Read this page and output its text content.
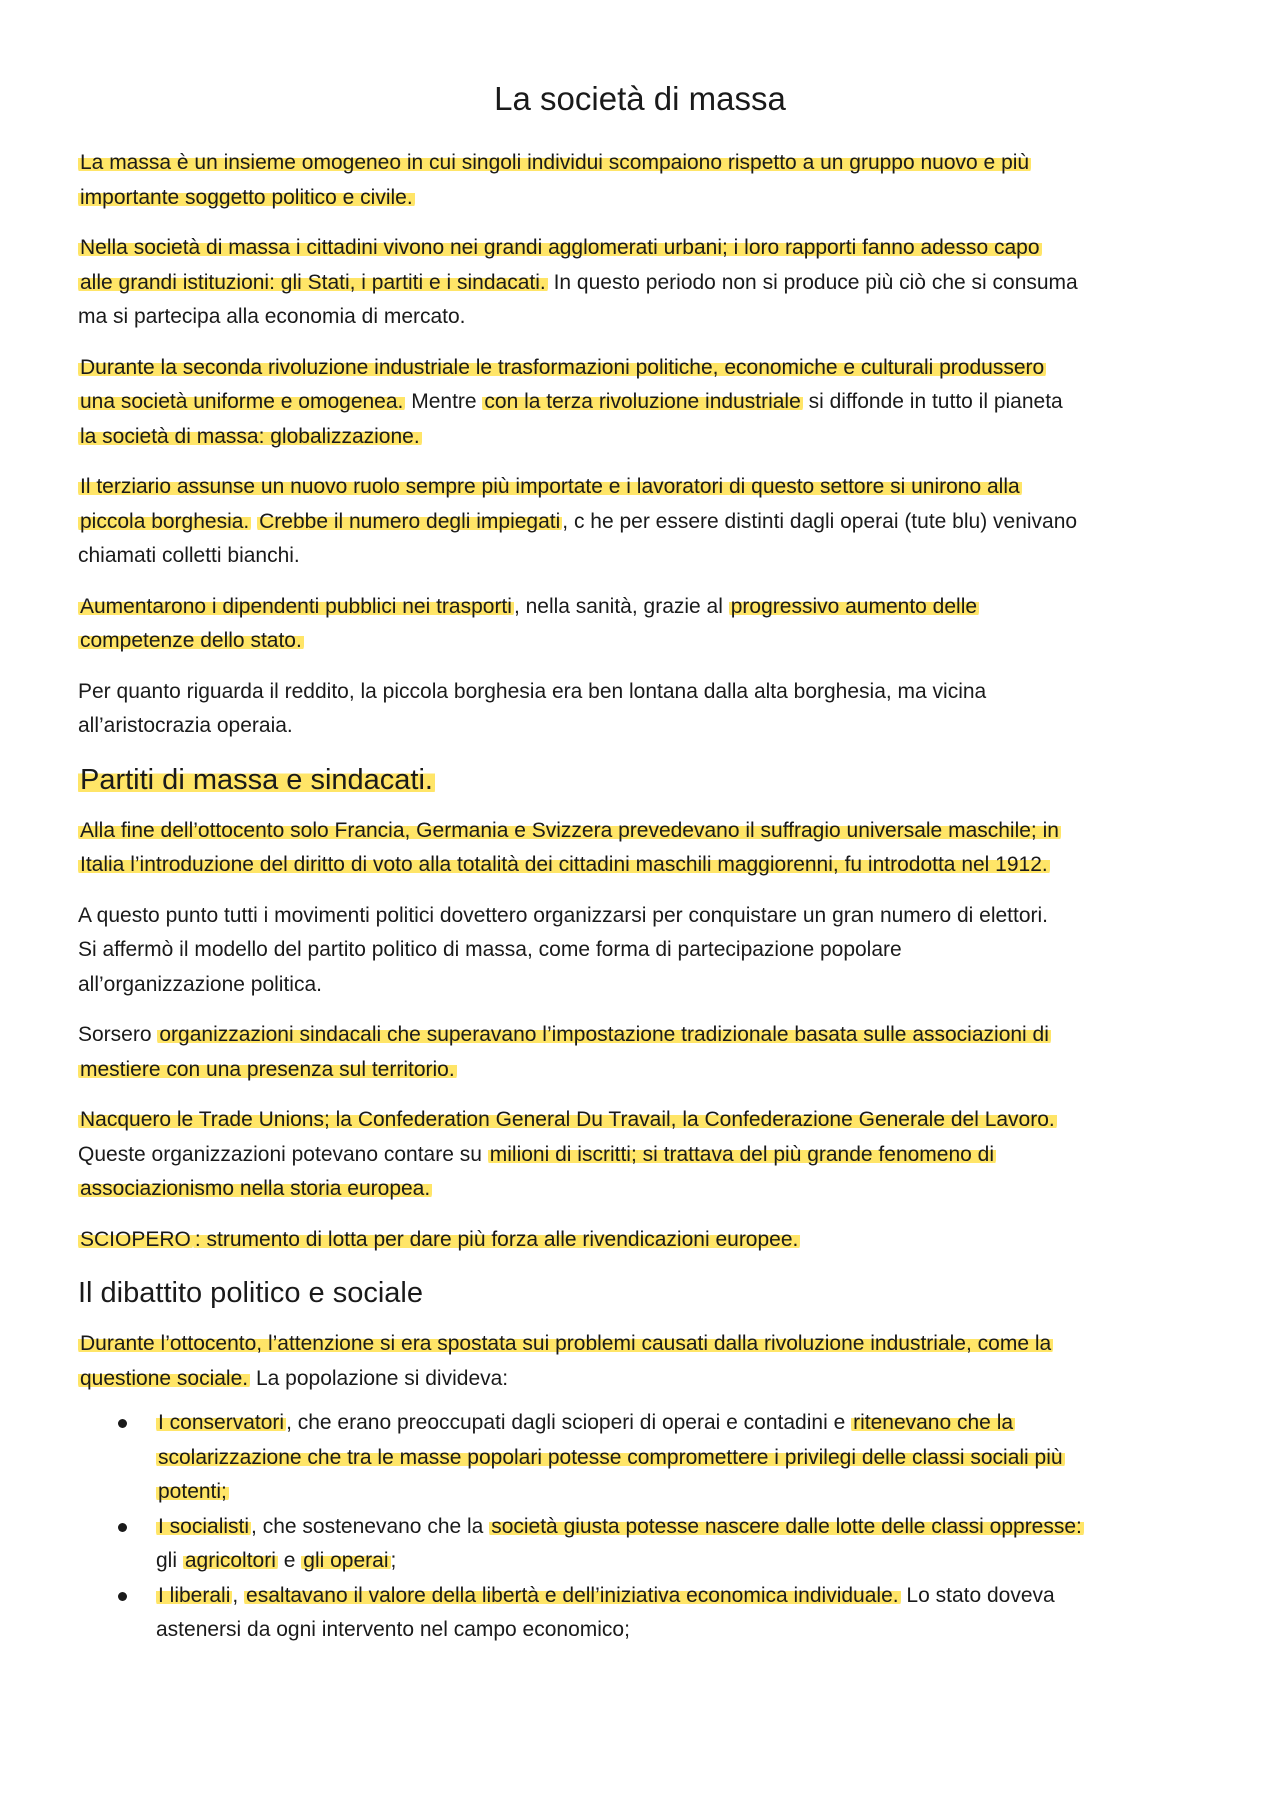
La società di massa

La massa è un insieme omogeneo in cui singoli individui scompaiono rispetto a un gruppo nuovo e più
importante soggetto politico e civile.

Nella società di massa i cittadini vivono nei grandi agglomerati urbani; i loro rapporti fanno adesso capo
alle grandi istituzioni: gli Stati, i partiti e i sindacati. In questo periodo non si produce più ciò che si consuma
ma si partecipa alla economia di mercato.

Durante la seconda rivoluzione industriale le trasformazioni politiche, economiche e culturali produssero
una società uniforme e omogenea. Mentre con la terza rivoluzione industriale si diffonde in tutto il pianeta
la società di massa: globalizzazione.

Il terziario assunse un nuovo ruolo sempre più importate e i lavoratori di questo settore si unirono alla
piccola borghesia. Crebbe il numero degli impiegati, c he per essere distinti dagli operai (tute blu) venivano
chiamati colletti bianchi.

Aumentarono i dipendenti pubblici nei trasporti, nella sanità, grazie al progressivo aumento delle
competenze dello stato.

Per quanto riguarda il reddito, la piccola borghesia era ben lontana dalla alta borghesia, ma vicina
all’aristocrazia operaia.

Partiti di massa e sindacati.

Alla fine dell’ottocento solo Francia, Germania e Svizzera prevedevano il suffragio universale maschile; in
Italia l’introduzione del diritto di voto alla totalità dei cittadini maschili maggiorenni, fu introdotta nel 1912.

A questo punto tutti i movimenti politici dovettero organizzarsi per conquistare un gran numero di elettori.
Si affermò il modello del partito politico di massa, come forma di partecipazione popolare
all’organizzazione politica.

Sorsero organizzazioni sindacali che superavano l’impostazione tradizionale basata sulle associazioni di
mestiere con una presenza sul territorio.

Nacquero le Trade Unions; la Confederation General Du Travail, la Confederazione Generale del Lavoro.
Queste organizzazioni potevano contare su milioni di iscritti; si trattava del più grande fenomeno di
associazionismo nella storia europea.

SCIOPERO : strumento di lotta per dare più forza alle rivendicazioni europee.

Il dibattito politico e sociale

Durante l’ottocento, l’attenzione si era spostata sui problemi causati dalla rivoluzione industriale, come la
questione sociale. La popolazione si divideva:

I conservatori, che erano preoccupati dagli scioperi di operai e contadini e ritenevano che la
scolarizzazione che tra le masse popolari potesse compromettere i privilegi delle classi sociali più
potenti;
I socialisti, che sostenevano che la società giusta potesse nascere dalle lotte delle classi oppresse:
gli agricoltori e gli operai;
I liberali, esaltavano il valore della libertà e dell’iniziativa economica individuale. Lo stato doveva
astenersi da ogni intervento nel campo economico;
